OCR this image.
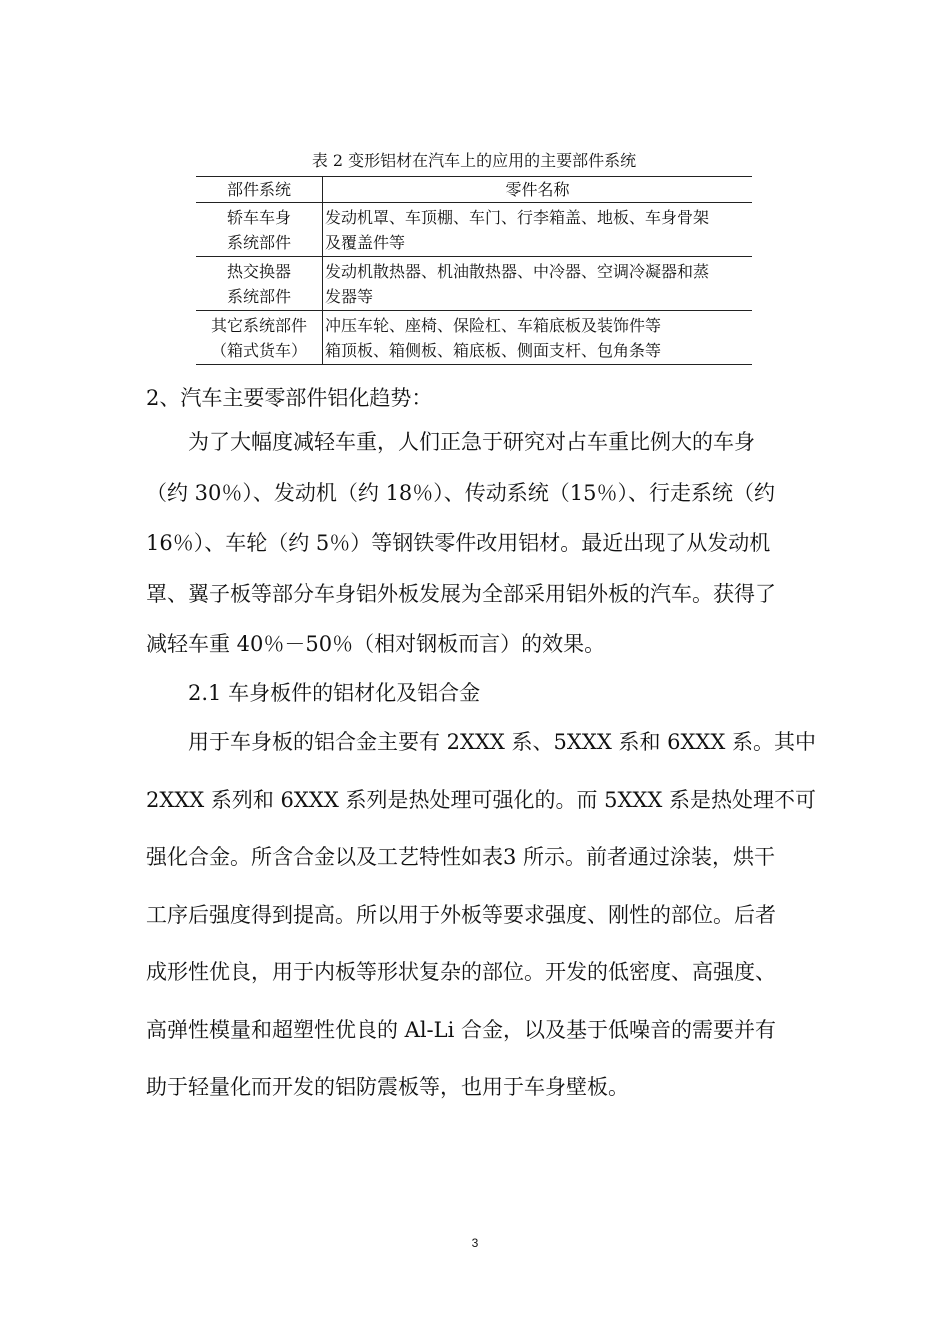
表 2 变形铝材在汽车上的应用的主要部件系统
部件系统	零件名称

轿车车身
系统部件	发动机罩、车顶棚、车门、行李箱盖、地板、车身骨架
及覆盖件等

热交换器
系统部件	发动机散热器、机油散热器、中冷器、空调冷凝器和蒸
发器等

其它系统部件
（箱式货车）	冲压车轮、座椅、保险杠、车箱底板及装饰件等
箱顶板、箱侧板、箱底板、侧面支杆、包角条等
2、汽车主要零部件铝化趋势：
为了大幅度减轻车重，人们正急于研究对占车重比例大的车身
（约 30％）、发动机（约 18％）、传动系统（15％）、行走系统（约
16％）、车轮（约 5％）等钢铁零件改用铝材。最近出现了从发动机
罩、翼子板等部分车身铝外板发展为全部采用铝外板的汽车。获得了
减轻车重 40％－50％（相对钢板而言）的效果。
2.1 车身板件的铝材化及铝合金
用于车身板的铝合金主要有 2XXX 系、5XXX 系和 6XXX 系。其中
2XXX 系列和 6XXX 系列是热处理可强化的。而 5XXX 系是热处理不可
强化合金。所含合金以及工艺特性如表3 所示。前者通过涂装，烘干
工序后强度得到提高。所以用于外板等要求强度、刚性的部位。后者
成形性优良，用于内板等形状复杂的部位。开发的低密度、高强度、
高弹性模量和超塑性优良的 Al-Li 合金，以及基于低噪音的需要并有
助于轻量化而开发的铝防震板等，也用于车身壁板。
3
